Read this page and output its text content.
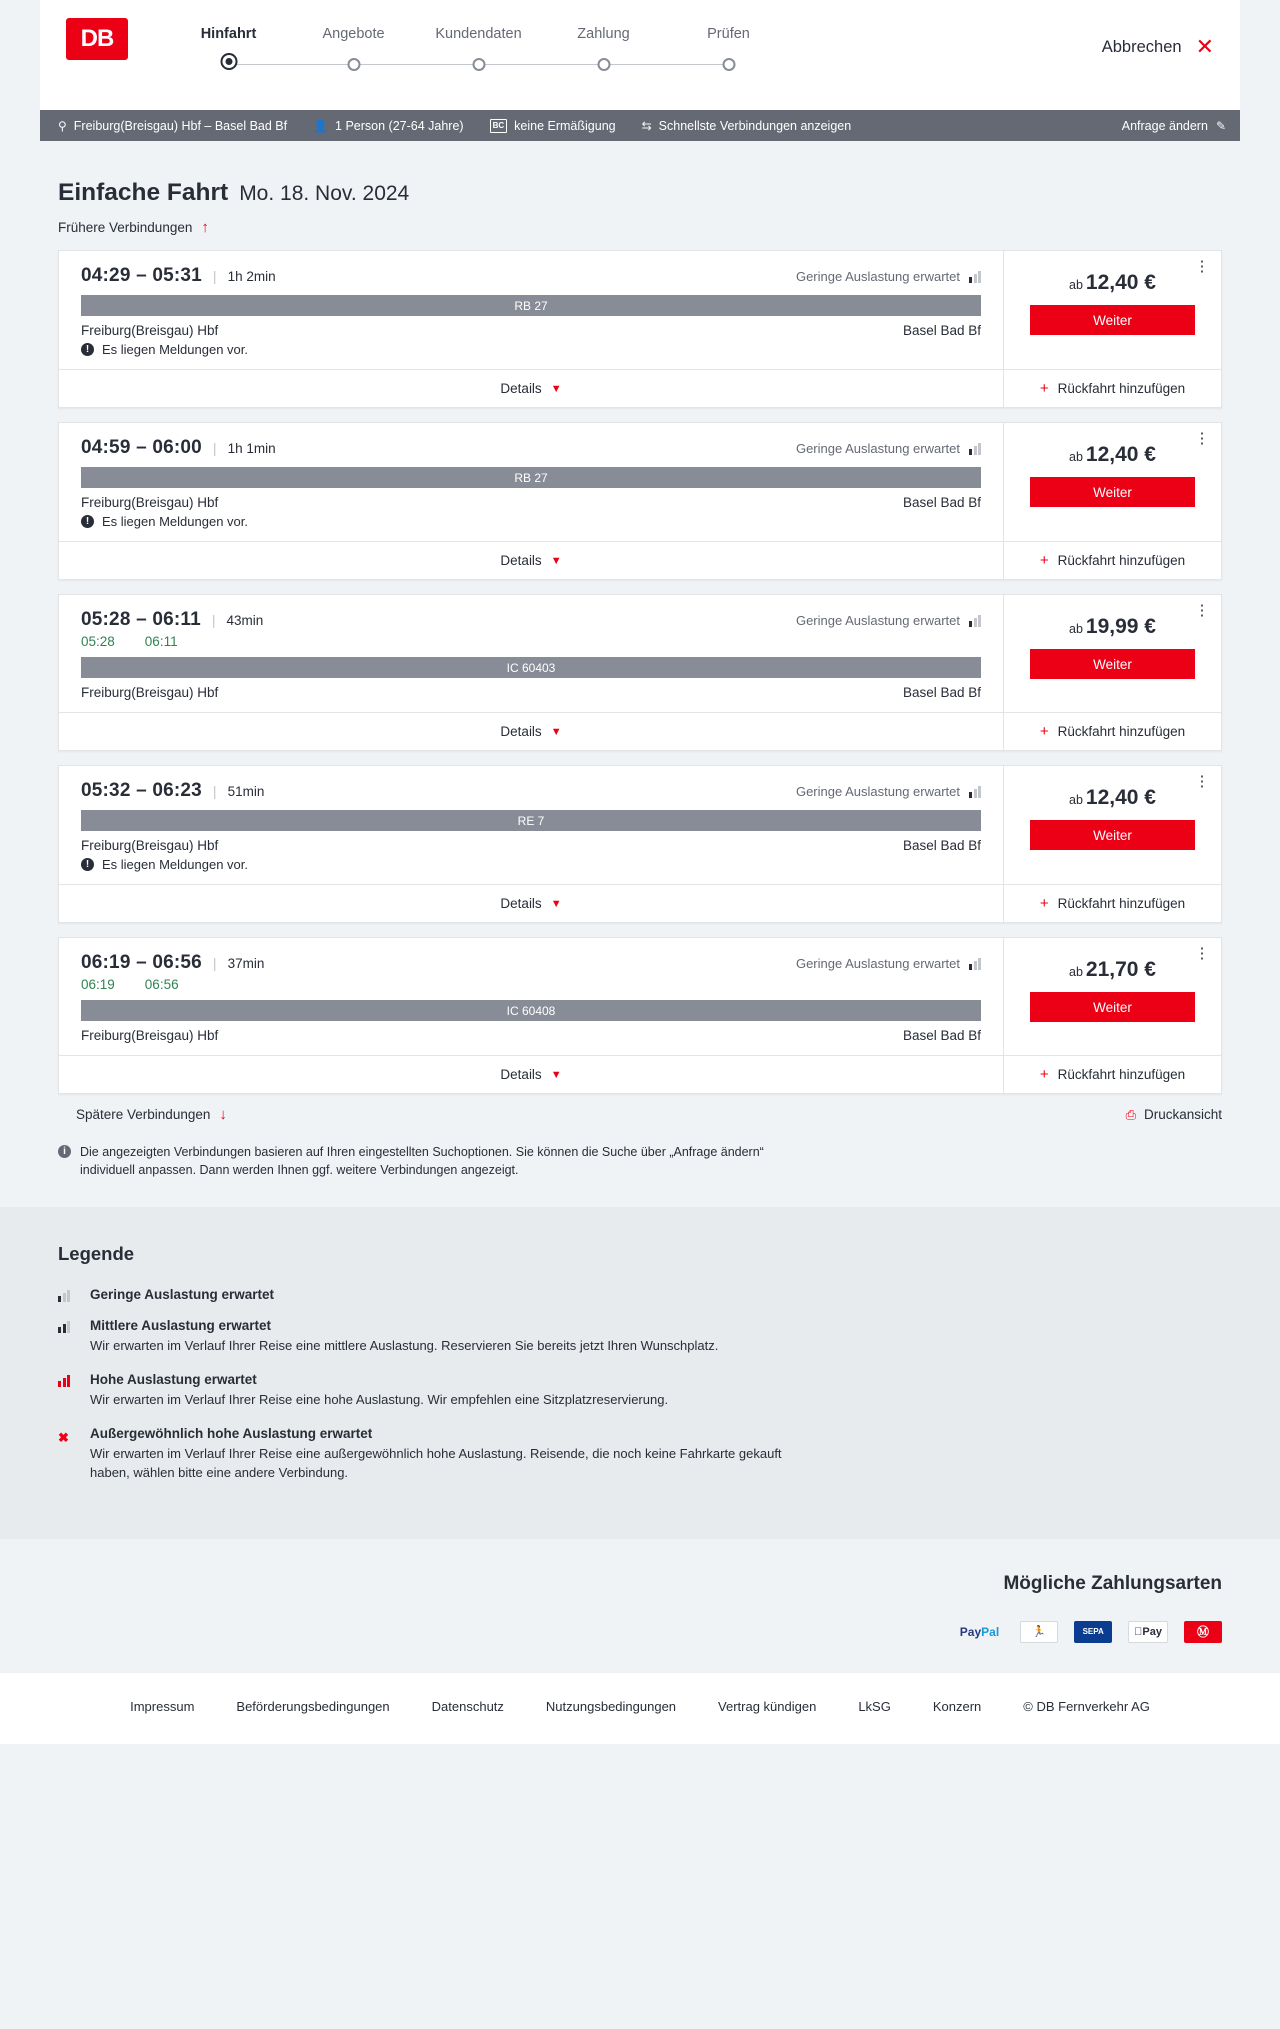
DB	Hinfahrt	Angebote	Kundendaten	Zahlung	Prüfen
Abbrechen ✕
⚲ Freiburg(Breisgau) Hbf – Basel Bad Bf 👤 1 Person (27-64 Jahre)	BC keine Ermäßigung ⇆ Schnellste Verbindungen anzeigen	Anfrage ändern ✎
Einfache Fahrt Mo. 18. Nov. 2024
Frühere Verbindungen ↑
04:29 – 05:31 | 1h 2min	Geringe Auslastung erwartet
RB 27
Freiburg(Breisgau) Hbf	Basel Bad Bf
! Es liegen Meldungen vor.
Details ▼
⋮
ab 12,40 €
Weiter
+ Rückfahrt hinzufügen
04:59 – 06:00 | 1h 1min	Geringe Auslastung erwartet
RB 27
Freiburg(Breisgau) Hbf	Basel Bad Bf
! Es liegen Meldungen vor.
Details ▼
⋮
ab 12,40 €
Weiter
+ Rückfahrt hinzufügen
05:28 – 06:11 | 43min	Geringe Auslastung erwartet
05:28 06:11
IC 60403
Freiburg(Breisgau) Hbf	Basel Bad Bf
Details ▼
⋮
ab 19,99 €
Weiter
+ Rückfahrt hinzufügen
05:32 – 06:23 | 51min	Geringe Auslastung erwartet
RE 7
Freiburg(Breisgau) Hbf	Basel Bad Bf
! Es liegen Meldungen vor.
Details ▼
⋮
ab 12,40 €
Weiter
+ Rückfahrt hinzufügen
06:19 – 06:56 | 37min	Geringe Auslastung erwartet
06:19 06:56
IC 60408
Freiburg(Breisgau) Hbf	Basel Bad Bf
Details ▼
⋮
ab 21,70 €
Weiter
+ Rückfahrt hinzufügen
Spätere Verbindungen ↓	⎙ Druckansicht
i	Die angezeigten Verbindungen basieren auf Ihren eingestellten Suchoptionen. Sie können die Suche über „Anfrage ändern“ individuell anpassen. Dann werden Ihnen ggf. weitere Verbindungen angezeigt.
Legende
Geringe Auslastung erwartet
Mittlere Auslastung erwartet
Wir erwarten im Verlauf Ihrer Reise eine mittlere Auslastung. Reservieren Sie bereits jetzt Ihren Wunschplatz.
Hohe Auslastung erwartet
Wir erwarten im Verlauf Ihrer Reise eine hohe Auslastung. Wir empfehlen eine Sitzplatzreservierung.
✖	Außergewöhnlich hohe Auslastung erwartet
Wir erwarten im Verlauf Ihrer Reise eine außergewöhnlich hohe Auslastung. Reisende, die noch keine Fahrkarte gekauft haben, wählen bitte eine andere Verbindung.
Mögliche Zahlungsarten
Pay Pal	🏃	SEPA	Pay	Ⓜ
Impressum	Beförderungsbedingungen	Datenschutz	Nutzungsbedingungen	Vertrag kündigen	LkSG	Konzern	© DB Fernverkehr AG
